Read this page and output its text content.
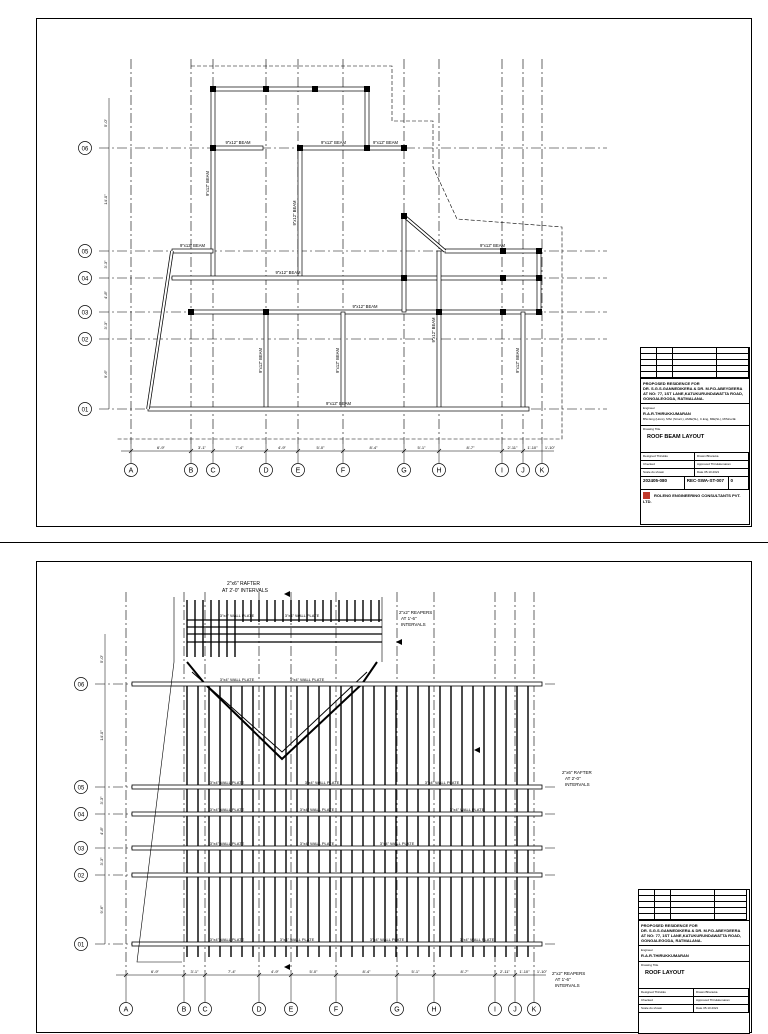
A	B C	D	E	F	G	H	I	J K
6'-9"	3'-1"	7'-4"	4'-9"	5'-0"	8'-4"	5'-1"	8'-7"	2'-11" 1'-10" 1'-10"
06
05
04
03
02
01
5'-0"
14'-0"
3'-3"
4'-8"
3'-3"
9'-6"
9"x12" BEAM	9"x12" BEAM	9"x12" BEAM
9"x12" BEAM
9"x12" BEAM
9"x12" BEAM	9"x12" BEAM
9"x12" BEAM
9"x12" BEAM
9"x12" BEAM
9"x12" BEAM	9"x12" BEAM	9"x12" BEAM
9"x12" BEAM
PROPOSED RESIDENCE FOR
DR. S.G.S.GANNEDIKERA & DR. M.P.D.ABEYDEERA
AT NO: 77, 1ST LANE,KATUKURUNDAWATTA ROAD,
GONGALEGODA, RATMALANA.
Engineer
R.A.R.THIRUKKUMARAN
BSc.Eng (Hons), MSc (Struct.), AMIE(SL), C.Eng, MIE(SL), MIStructE
Drawing Title
ROOF BEAM LAYOUT
Designed Thirukku	Drawn Bhanuka
Checked	Approved Thirukkumaran
Scale As shown	Date 05.10.2021
202405-080	REC-SWA-ST-007	0
ROLENG ENGINEERING CONSULTANTS PVT. LTD.
A	B C	D	E	F	G	H	I J K
6'-9"	3'-1"	7'-4"	4'-9"	5'-0"	8'-4"	5'-1"	8'-7"	2'-11" 1'-10" 1'-10"
06
05
04
03
02
01
5'-0"
14'-0"
3'-3"
4'-8"
3'-3"
9'-6"
3"x4" WALL PLATE	3"x4" WALL PLATE
3"x4" WALL PLATE	3"x4" WALL PLATE
3"x4" WALL PLATE	3"x4" WALL PLATE	3"x4" WALL PLATE
3"x4" WALL PLATE	3"x4" WALL PLATE	3"x4" WALL PLATE
3"x4" WALL PLATE	3"x4" WALL PLATE	3"x4" WALL PLATE
3"x4" WALL PLATE	3"x4" WALL PLATE	3"x4" WALL PLATE	3"x4" WALL PLATE
2"x6" RAFTER
AT 2'-0" INTERVALS
2"x2" REAPERS
AT 1'-6"
INTERVALS
2"x6" RAFTER
AT 2'-0"
INTERVALS
2"x2" REAPERS
AT 1'-6"
INTERVALS
PROPOSED RESIDENCE FOR
DR. S.G.S.GANNEDIKERA & DR. M.P.D.ABEYDEERA
AT NO: 77, 1ST LANE,KATUKURUNDAWATTA ROAD,
GONGALEGODA, RATMALANA.
Engineer
R.A.R.THIRUKKUMARAN
Drawing Title
ROOF LAYOUT
Designed Thirukku	Drawn Bhanuka
Checked	Approved Thirukkumaran
Scale As shown	Date 05.10.2021
